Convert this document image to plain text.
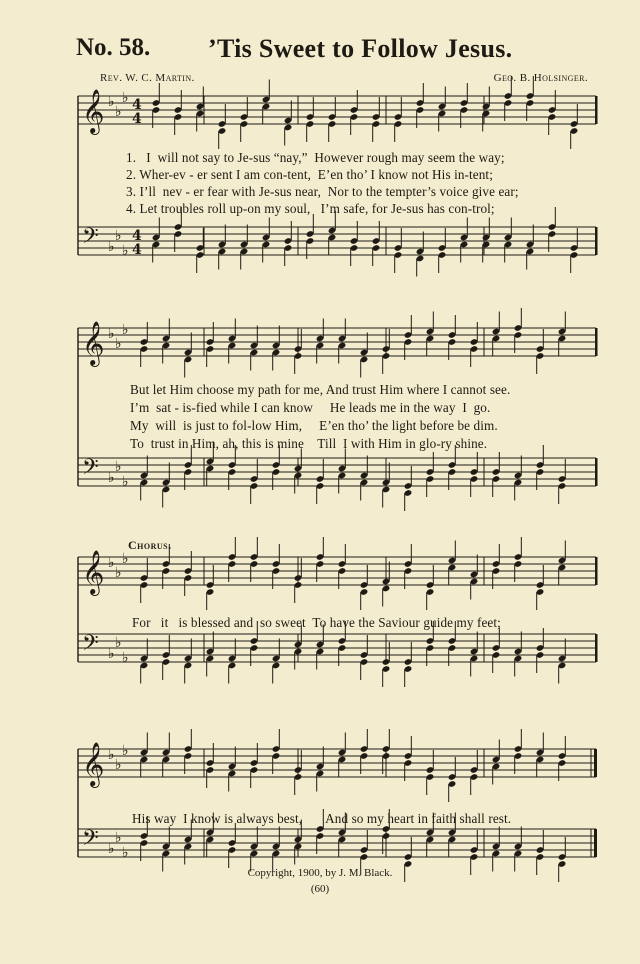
𝄞 ♭
♭
♭ 4
4
𝄢 ♭
♭
♭
4
4
𝄞 ♭
♭
♭
𝄢 ♭
♭
♭
𝄞 ♭
♭
♭
𝄢 ♭
♭
♭
𝄞 ♭
♭
♭
𝄢 ♭
♭
♭
No. 58. ’Tis Sweet to Follow Jesus.
Rev. W. C. Martin.	Geo. B. Holsinger.
1.   I  will not say to Je-sus “nay,”  However rough may seem the way;
2. Wher-ev - er sent I am con-tent,  E’en tho’ I know not His in-tent;
3. I’ll  nev - er fear with Je-sus near,  Nor to the tempter’s voice give ear;
4. Let troubles roll up-on my soul,   I’m safe, for Je-sus has con-trol;
But let Him choose my path for me, And trust Him where I cannot see.
I’m  sat - is-fied while I can know     He leads me in the way  I  go.
My  will  is just to fol-low Him,     E’en tho’ the light before be dim.
To  trust in Him, ah, this is mine    Till  I with Him in glo-ry shine.
Chorus.
For   it   is blessed and  so sweet  To have the Saviour guide my feet;
His way  I know is always best,       And so my heart in faith shall rest.
Copyright, 1900, by J. M. Black.
(60)
